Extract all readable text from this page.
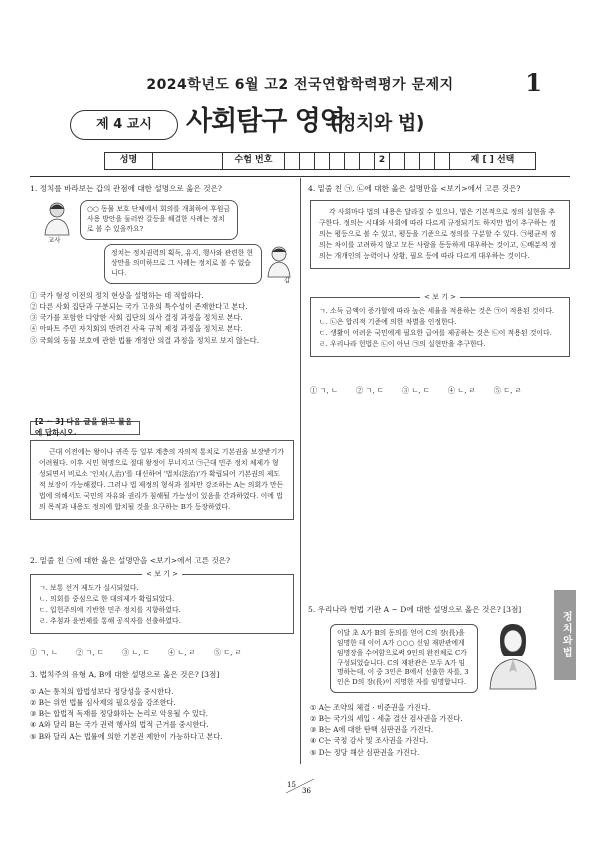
2024학년도 6월 고2 전국연합학력평가 문제지	1
제 4 교시	사회탐구 영역
(정치와 법)
성명	수험 번호	2	제 [ ] 선택
1. 정치를 바라보는 갑의 관점에 대한 설명으로 옳은 것은?
교사
○○ 동물 보호 단체에서 회의를 개최하여 후원금 사용 방안을 둘러싼 갈등을 해결한 사례는 정치로 볼 수 있을까요?
정치는 정치권력의 획득, 유지, 행사와 관련한 현상만을 의미하므로 그 사례는 정치로 볼 수 없습니다.
갑
① 국가 형성 이전의 정치 현상을 설명하는 데 적합하다.
② 다른 사회 집단과 구분되는 국가 고유의 특수성이 존재한다고 본다.
③ 국가를 포함한 다양한 사회 집단의 의사 결정 과정을 정치로 본다.
④ 아파트 주민 자치회의 반려견 사육 규칙 제정 과정을 정치로 본다.
⑤ 국회의 동물 보호에 관한 법률 개정안 의결 과정을 정치로 보지 않는다.
[2 ~ 3] 다음 글을 읽고 물음에 답하시오.
근대 이전에는 왕이나 귀족 등 일부 계층의 자의적 통치로 기본권을 보장받기가 어려웠다. 이후 시민 혁명으로 절대 왕정이 무너지고 ㉠근대 민주 정치 체제가 형성되면서 비로소 '인치(人治)'를 대신하여 '법치(法治)'가 확립되어 기본권의 제도적 보장이 가능해졌다. 그러나 법 제정의 형식과 절차만 강조하는 A는 의회가 만든 법에 의해서도 국민의 자유와 권리가 침해될 가능성이 있음을 간과하였다. 이에 법의 목적과 내용도 정의에 합치될 것을 요구하는 B가 등장하였다.
2. 밑줄 친 ㉠에 대한 옳은 설명만을 <보기>에서 고른 것은?
< 보 기 >
ㄱ. 보통 선거 제도가 실시되었다.
ㄴ. 의회를 중심으로 한 대의제가 확립되었다.
ㄷ. 입헌주의에 기반한 민주 정치를 지향하였다.
ㄹ. 추첨과 윤번제를 통해 공직자를 선출하였다.
① ㄱ, ㄴ	② ㄱ, ㄷ	③ ㄴ, ㄷ	④ ㄴ, ㄹ	⑤ ㄷ, ㄹ
3. 법치주의 유형 A, B에 대한 설명으로 옳은 것은? [3점]
① A는 통치의 합법성보다 정당성을 중시한다.
② B는 위헌 법률 심사제의 필요성을 강조한다.
③ B는 합법적 독재를 정당화하는 논리로 악용될 수 있다.
④ A와 달리 B는 국가 권력 행사의 법적 근거를 중시한다.
⑤ B와 달리 A는 법률에 의한 기본권 제한이 가능하다고 본다.
4. 밑줄 친 ㉠, ㉡에 대한 옳은 설명만을 <보기>에서 고른 것은?
각 사회마다 법의 내용은 달라질 수 있으나, 법은 기본적으로 정의 실현을 추구한다. 정의는 시대와 사회에 따라 다르게 규정되기도 하지만 법이 추구하는 정의는 평등으로 볼 수 있고, 평등을 기준으로 정의를 구분할 수 있다. ㉠평균적 정의는 차이를 고려하지 않고 모든 사람을 동등하게 대우하는 것이고, ㉡배분적 정의는 개개인의 능력이나 상황, 필요 등에 따라 다르게 대우하는 것이다.
< 보 기 >
ㄱ. 소득 금액이 증가할에 따라 높은 세율을 적용하는 것은 ㉠이 적용된 것이다.
ㄴ. ㉡은 합리적 기준에 의한 차별을 인정한다.
ㄷ. 생활이 어려운 국민에게 필요한 급여를 제공하는 것은 ㉡이 적용된 것이다.
ㄹ. 우리나라 헌법은 ㉡이 아닌 ㉠의 실현만을 추구한다.
① ㄱ, ㄴ	② ㄱ, ㄷ	③ ㄴ, ㄷ	④ ㄴ, ㄹ	⑤ ㄷ, ㄹ
5. 우리나라 헌법 기관 A ~ D에 대한 설명으로 옳은 것은? [3점]
이달 초 A가 B의 동의를 얻어 C의 장(長)을 임명한 데 이어 A가 ○○○ 신임 재판관에게 임명장을 수여함으로써 9인의 완전체로 C가 구성되었습니다. C의 재판관은 모두 A가 임명하는데, 이 중 3인은 B에서 선출한 자를, 3인은 D의 장(長)이 지명한 자를 임명합니다.
① A는 조약의 체결 · 비준권을 가진다.
② B는 국가의 세입 · 세출 결산 검사권을 가진다.
③ B는 A에 대한 탄핵 심판권을 가진다.
④ C는 국정 감사 및 조사권을 가진다.
⑤ D는 정당 해산 심판권을 가진다.
정치와법
15
36
